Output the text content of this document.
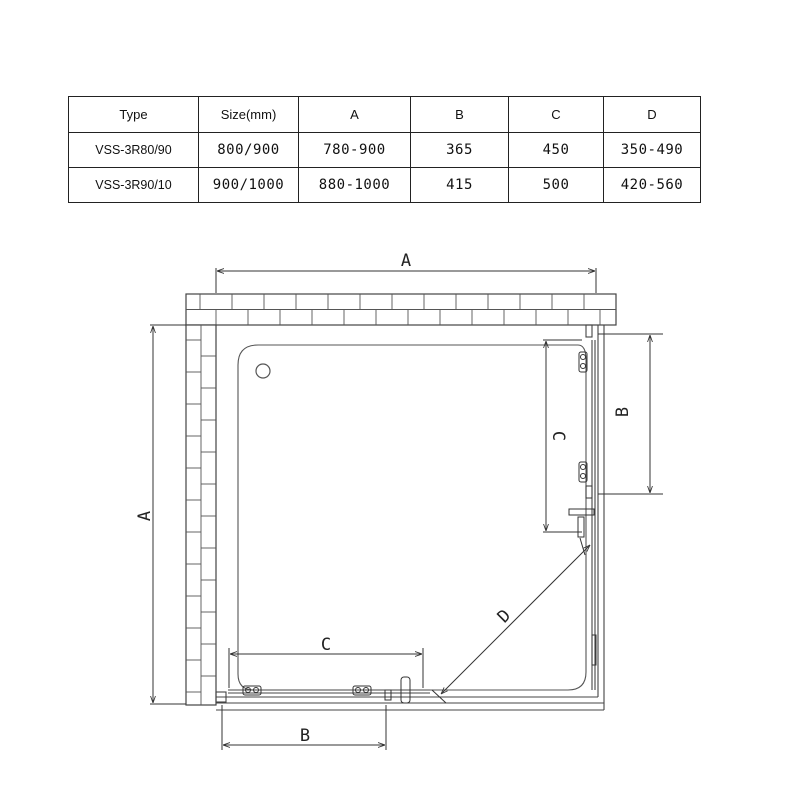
Type	Size(mm)	A	B	C	D
VSS-3R80/90	800/900	780-900	365	450	350-490
VSS-3R90/10	900/1000	880-1000	415	500	420-560
A
A
B
C
C
B
D
